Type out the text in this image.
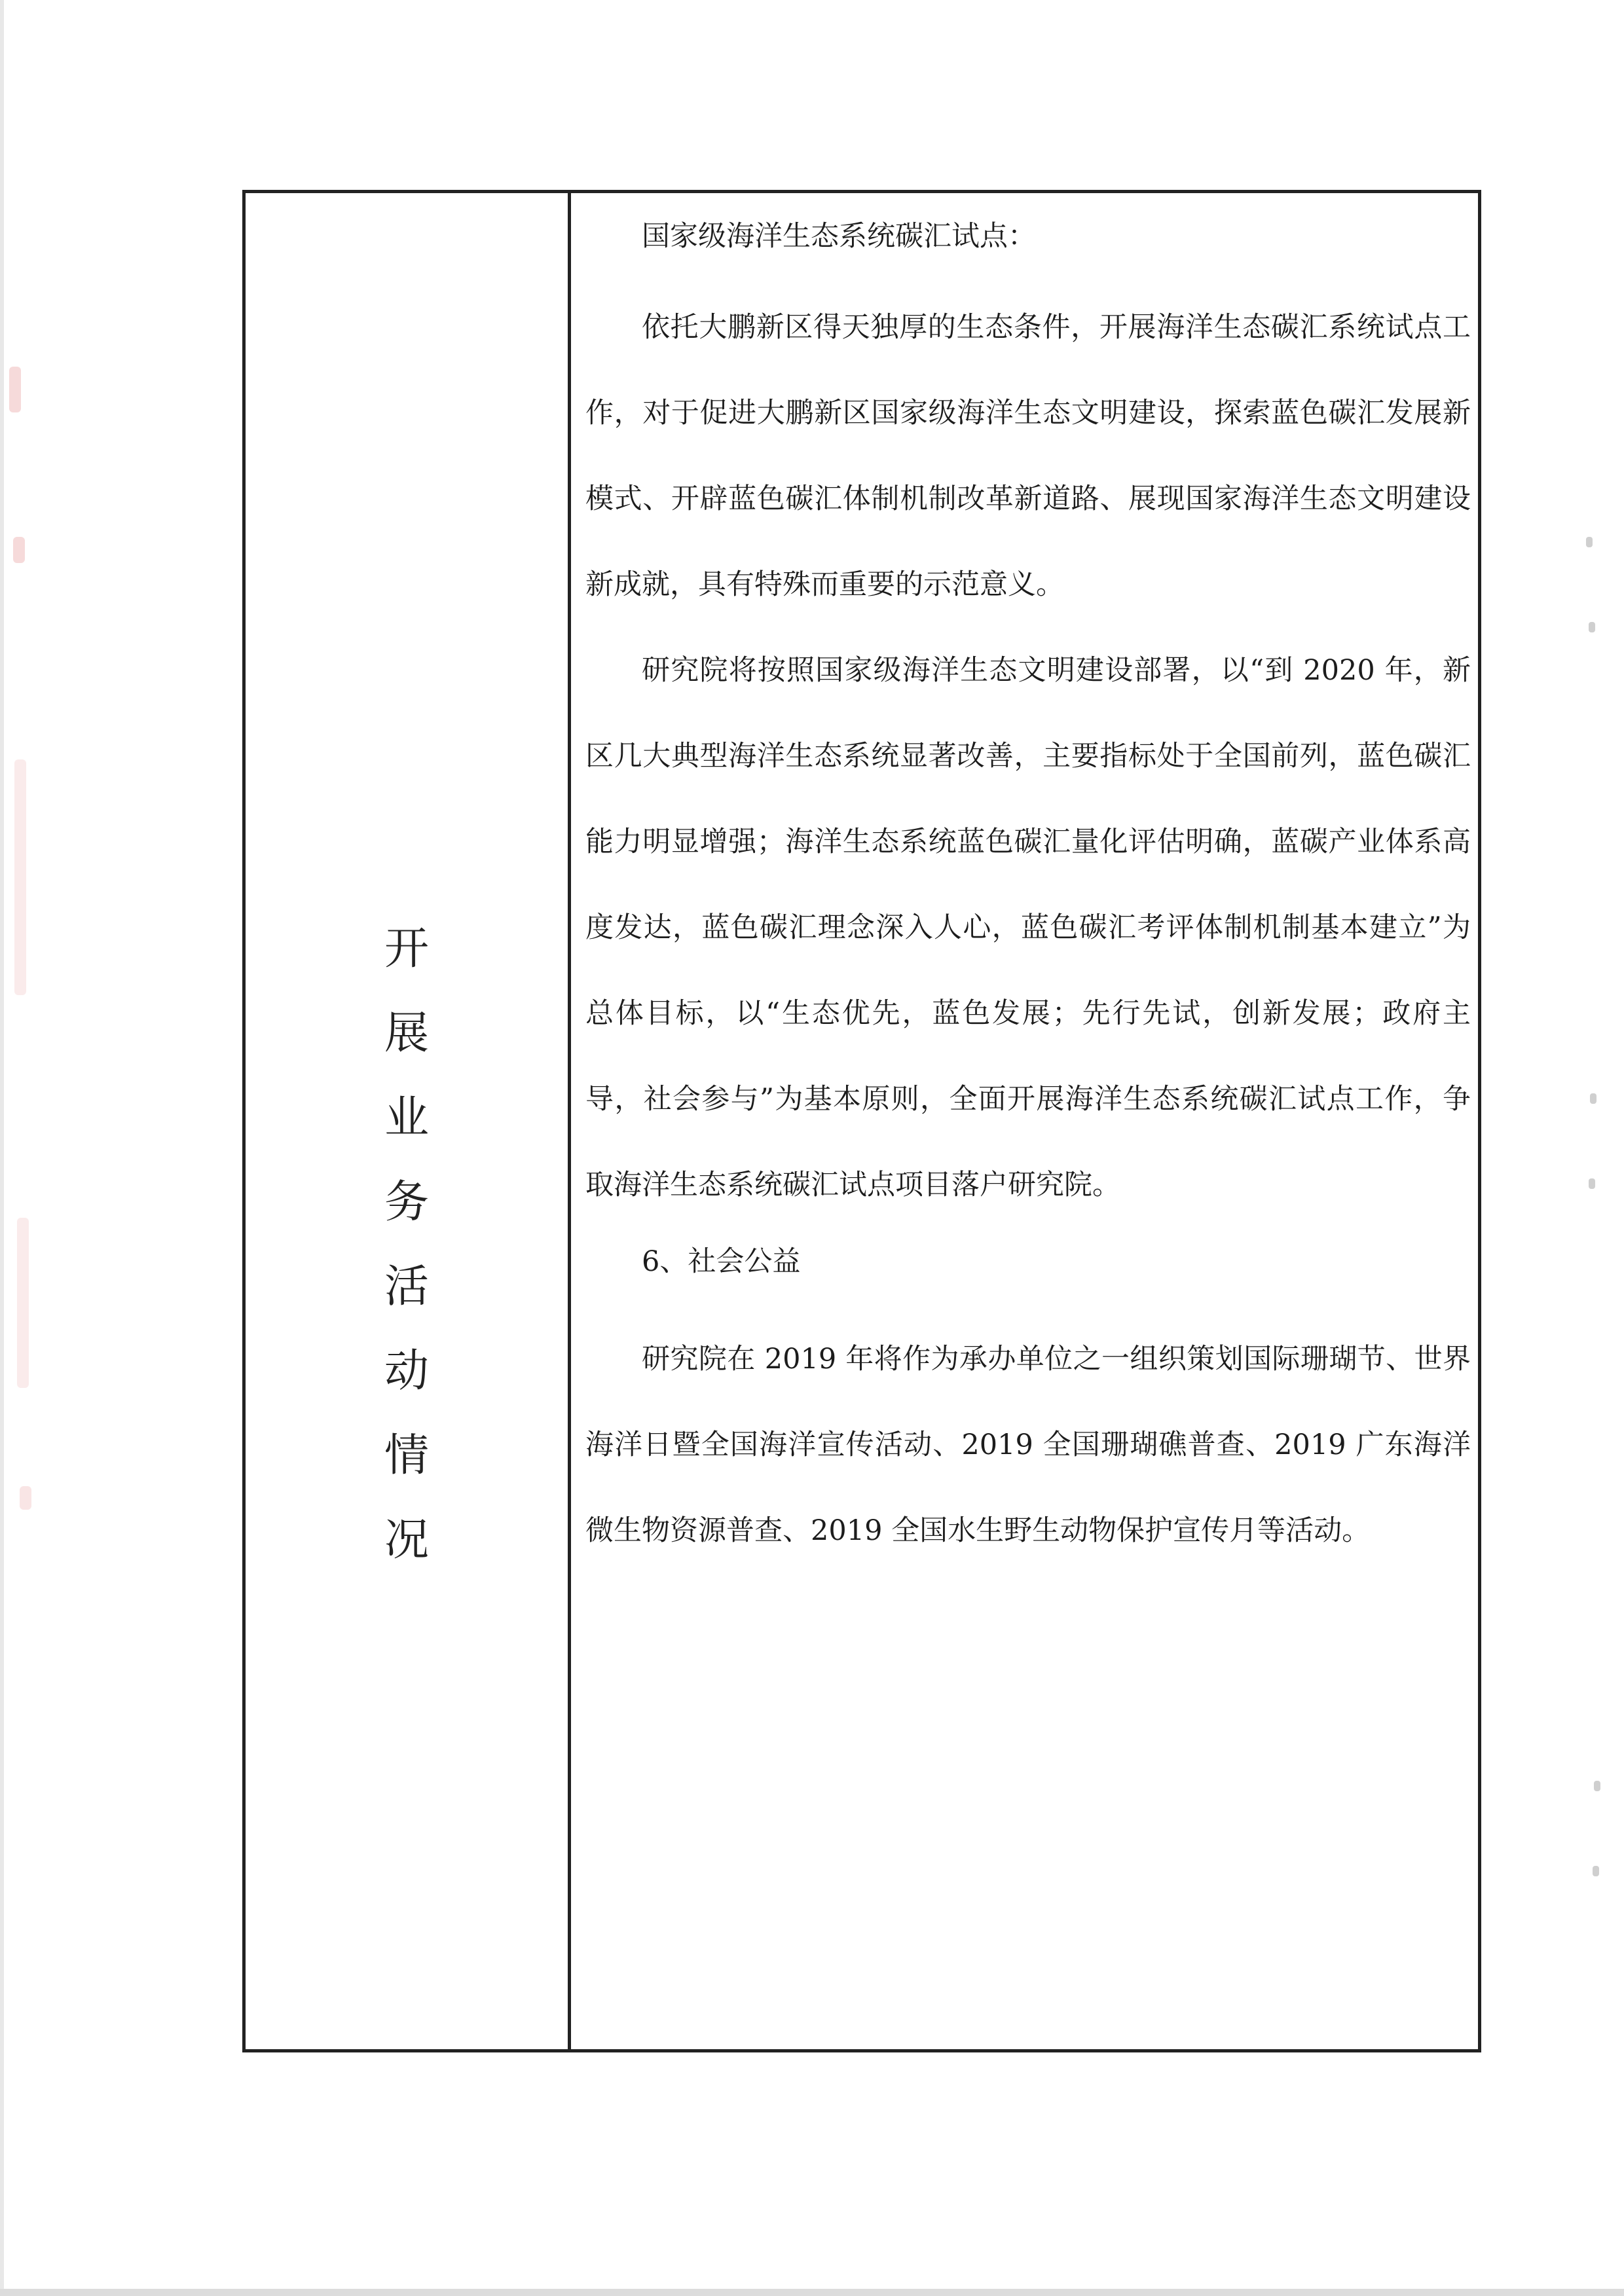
开
展
业
务
活
动
情
况

国家级海洋生态系统碳汇试点：

依托大鹏新区得天独厚的生态条件，开展海洋生态碳汇系统试点工作，对于促进大鹏新区国家级海洋生态文明建设，探索蓝色碳汇发展新模式、开辟蓝色碳汇体制机制改革新道路、展现国家海洋生态文明建设新成就，具有特殊而重要的示范意义。

研究院将按照国家级海洋生态文明建设部署，以“到 2020 年，新区几大典型海洋生态系统显著改善，主要指标处于全国前列，蓝色碳汇能力明显增强；海洋生态系统蓝色碳汇量化评估明确，蓝碳产业体系高度发达，蓝色碳汇理念深入人心，蓝色碳汇考评体制机制基本建立”为总体目标，以“生态优先，蓝色发展；先行先试，创新发展；政府主导，社会参与”为基本原则，全面开展海洋生态系统碳汇试点工作，争取海洋生态系统碳汇试点项目落户研究院。

6、社会公益

研究院在 2019 年将作为承办单位之一组织策划国际珊瑚节、世界海洋日暨全国海洋宣传活动、2019 全国珊瑚礁普查、2019 广东海洋微生物资源普查、2019 全国水生野生动物保护宣传月等活动。
